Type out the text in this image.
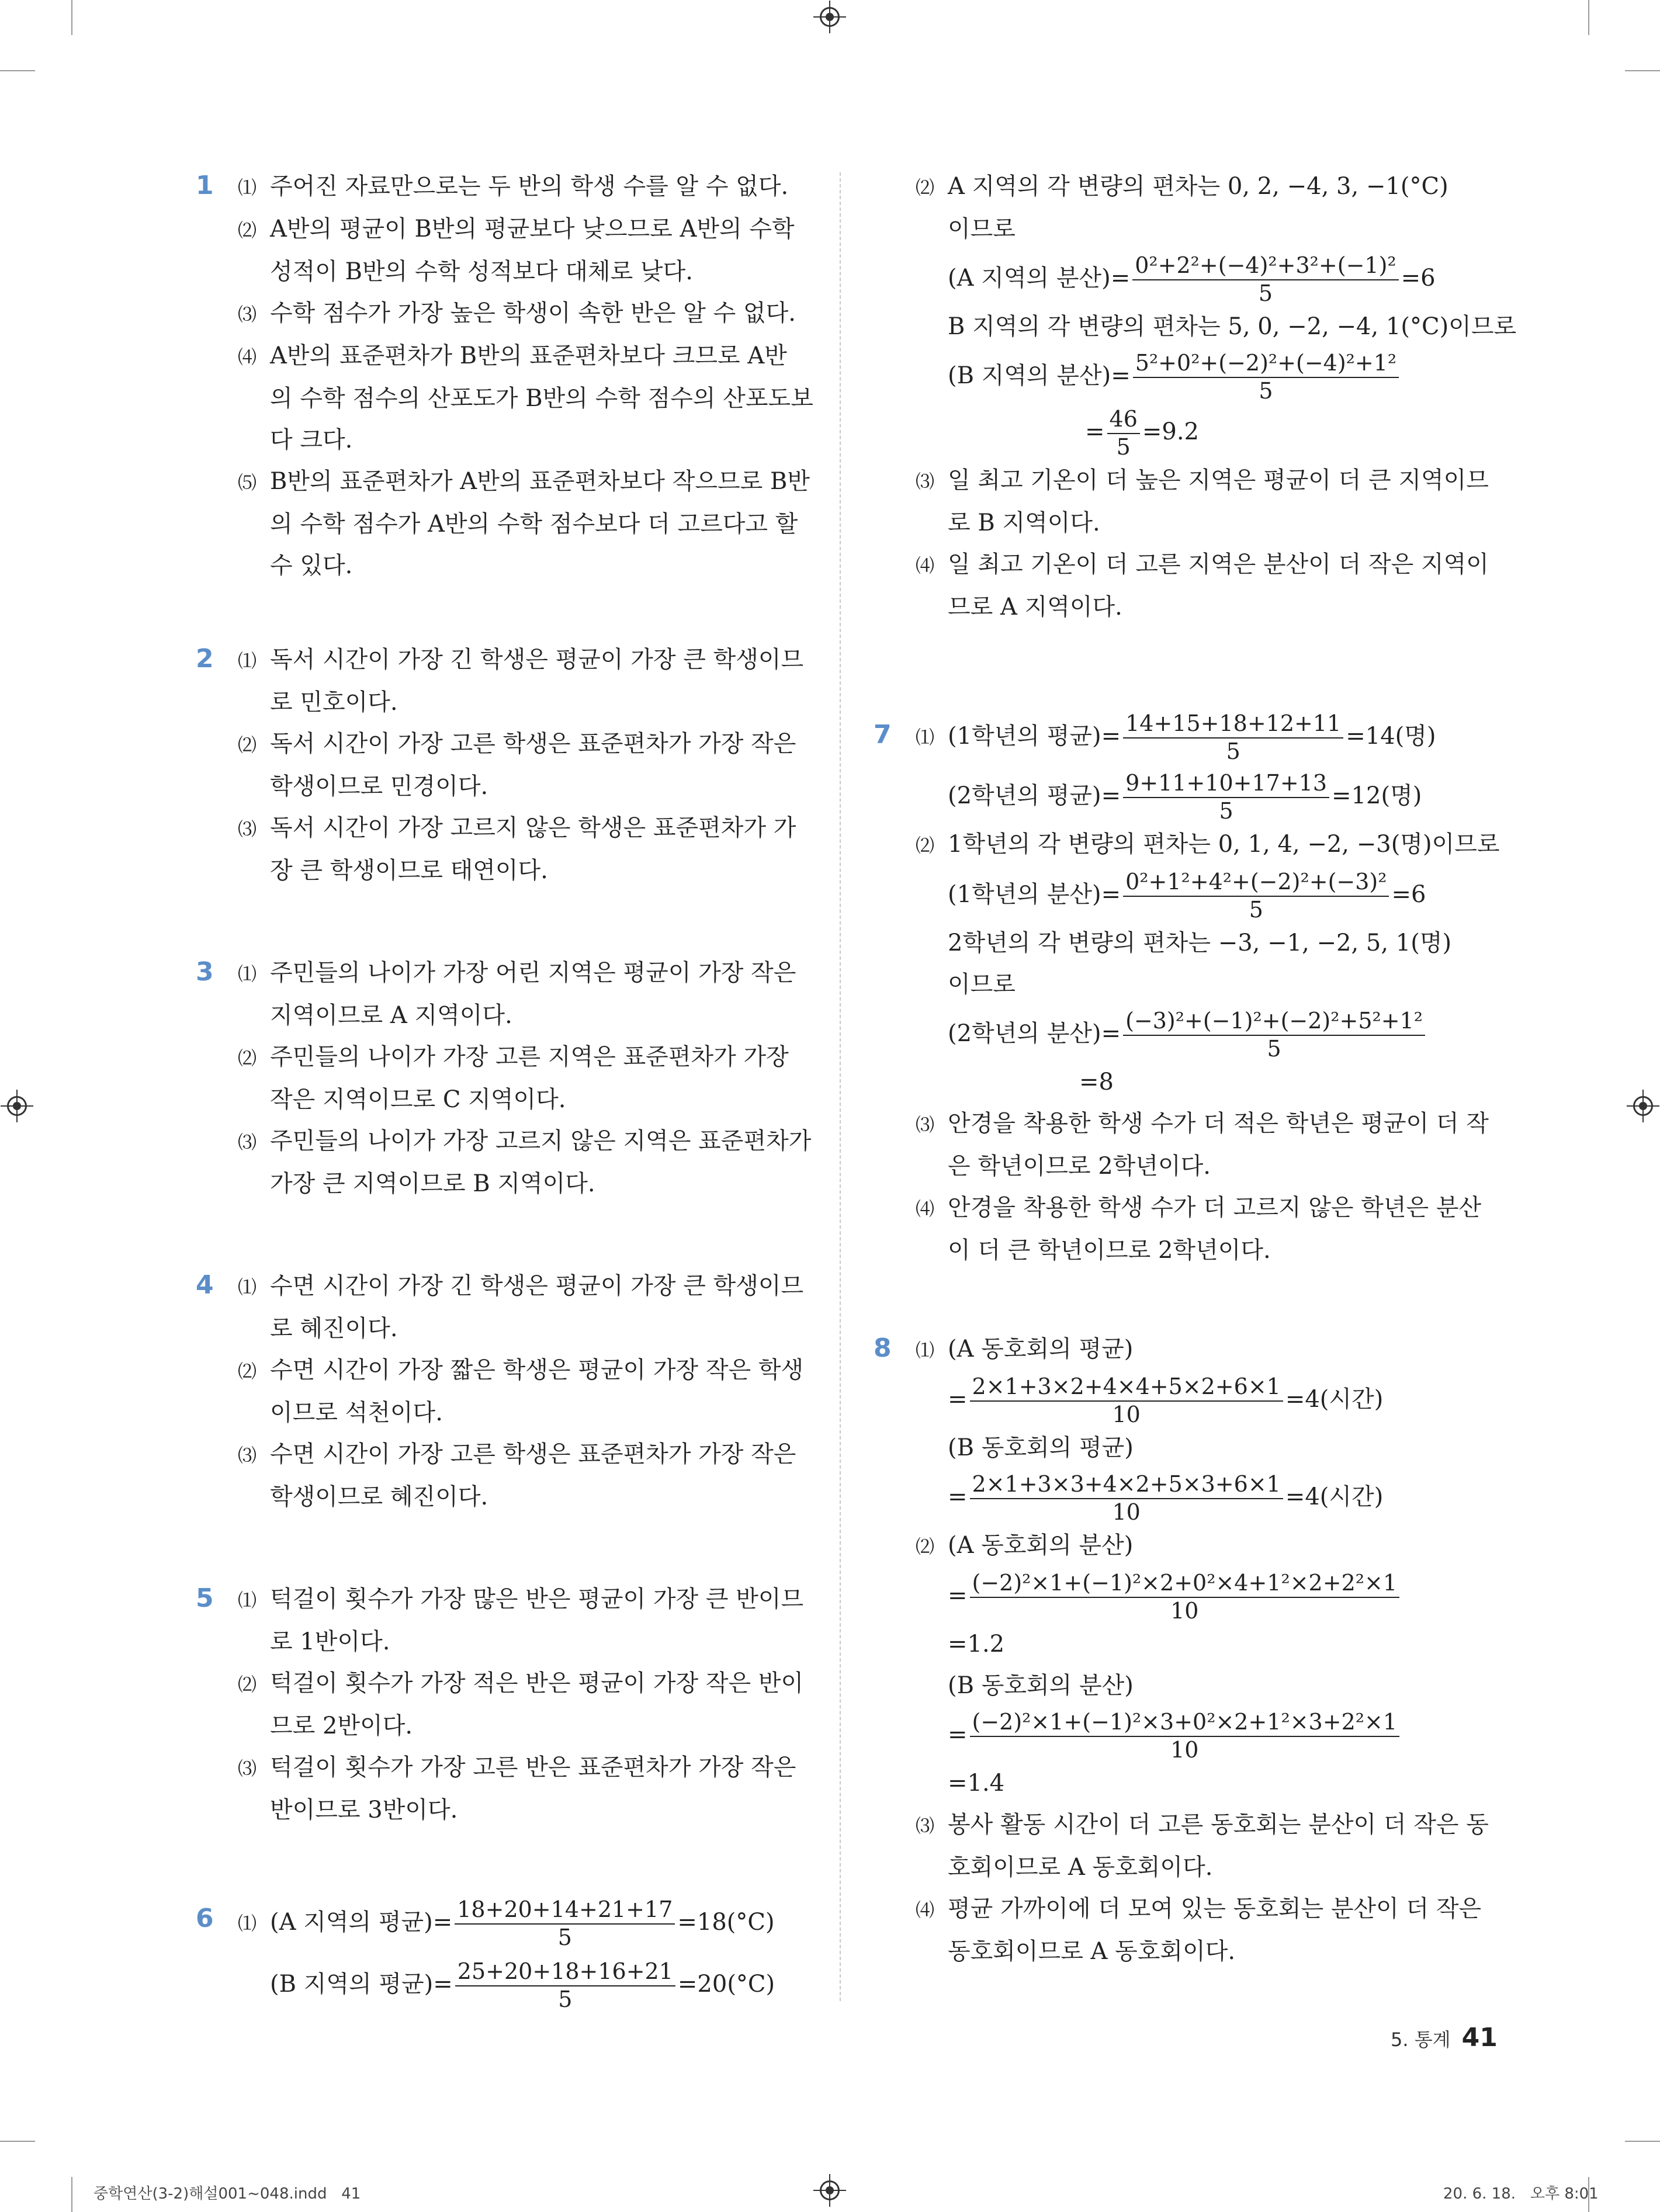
1 ⑴ 주어진 자료만으로는 두 반의 학생 수를 알 수 없다.
⑵ A반의 평균이 B반의 평균보다 낮으므로 A반의 수학
성적이 B반의 수학 성적보다 대체로 낮다.
⑶ 수학 점수가 가장 높은 학생이 속한 반은 알 수 없다.
⑷ A반의 표준편차가 B반의 표준편차보다 크므로 A반
의 수학 점수의 산포도가 B반의 수학 점수의 산포도보
다 크다.
⑸ B반의 표준편차가 A반의 표준편차보다 작으므로 B반
의 수학 점수가 A반의 수학 점수보다 더 고르다고 할
수 있다.
2 ⑴ 독서 시간이 가장 긴 학생은 평균이 가장 큰 학생이므
로 민호이다.
⑵ 독서 시간이 가장 고른 학생은 표준편차가 가장 작은
학생이므로 민경이다.
⑶ 독서 시간이 가장 고르지 않은 학생은 표준편차가 가
장 큰 학생이므로 태연이다.
3 ⑴ 주민들의 나이가 가장 어린 지역은 평균이 가장 작은
지역이므로 A 지역이다.
⑵ 주민들의 나이가 가장 고른 지역은 표준편차가 가장
작은 지역이므로 C 지역이다.
⑶ 주민들의 나이가 가장 고르지 않은 지역은 표준편차가
가장 큰 지역이므로 B 지역이다.
4 ⑴ 수면 시간이 가장 긴 학생은 평균이 가장 큰 학생이므
로 혜진이다.
⑵ 수면 시간이 가장 짧은 학생은 평균이 가장 작은 학생
이므로 석천이다.
⑶ 수면 시간이 가장 고른 학생은 표준편차가 가장 작은
학생이므로 혜진이다.
5 ⑴ 턱걸이 횟수가 가장 많은 반은 평균이 가장 큰 반이므
로 1반이다.
⑵ 턱걸이 횟수가 가장 적은 반은 평균이 가장 작은 반이
므로 2반이다.
⑶ 턱걸이 횟수가 가장 고른 반은 표준편차가 가장 작은
반이므로 3반이다.
6 ⑴ (A 지역의 평균)= $\frac{18+20+14+21+17}{5} =18(^\circ C)$
(B 지역의 평균)= $\frac{25+20+18+16+21}{5} =20(^\circ C)$
⑵ A 지역의 각 변량의 편차는 0, 2, −4, 3, −1(°C)
이므로
(A 지역의 분산)= $\frac{\text{0²+2²+(−4)²+3²+(−1)²}}{5} =6$
B 지역의 각 변량의 편차는 5, 0, −2, −4, 1(°C)이므로
(B 지역의 분산)= $\frac{\text{5²+0²+(−2)²+(−4)²+1²}}{5}$
= $\frac{46}{5} =9.2$
⑶ 일 최고 기온이 더 높은 지역은 평균이 더 큰 지역이므
로 B 지역이다.
⑷ 일 최고 기온이 더 고른 지역은 분산이 더 작은 지역이
므로 A 지역이다.
7 ⑴ (1학년의 평균)= $\frac{14+15+18+12+11}{5} =14$(명)
(2학년의 평균)= $\frac{9+11+10+17+13}{5} =12$(명)
⑵ 1학년의 각 변량의 편차는 0, 1, 4, −2, −3(명)이므로
(1학년의 분산)= $\frac{\text{0²+1²+4²+(−2)²+(−3)²}}{5} =6$
2학년의 각 변량의 편차는 −3, −1, −2, 5, 1(명)
이므로
(2학년의 분산)= $\frac{\text{(−3)²+(−1)²+(−2)²+5²+1²}}{5}$
=8
⑶ 안경을 착용한 학생 수가 더 적은 학년은 평균이 더 작
은 학년이므로 2학년이다.
⑷ 안경을 착용한 학생 수가 더 고르지 않은 학년은 분산
이 더 큰 학년이므로 2학년이다.
8 ⑴ (A 동호회의 평균)
= $\frac{2\times 1+3\times 2+4\times 4+5\times 2+6\times 1}{10} =4$(시간)
(B 동호회의 평균)
= $\frac{2\times 1+3\times 3+4\times 2+5\times 3+6\times 1}{10} =4$(시간)
⑵ (A 동호회의 분산)
= $\frac{\text{(−2)²×1+(−1)²×2+0²×4+1²×2+2²×1}}{10}$
=1.2
(B 동호회의 분산)
= $\frac{\text{(−2)²×1+(−1)²×3+0²×2+1²×3+2²×1}}{10}$
=1.4
⑶ 봉사 활동 시간이 더 고른 동호회는 분산이 더 작은 동
호회이므로 A 동호회이다.
⑷ 평균 가까이에 더 모여 있는 동호회는 분산이 더 작은
동호회이므로 A 동호회이다.
5. 통계 41
중학연산(3-2)해설001~048.indd   41	20. 6. 18.   오후 8:01
